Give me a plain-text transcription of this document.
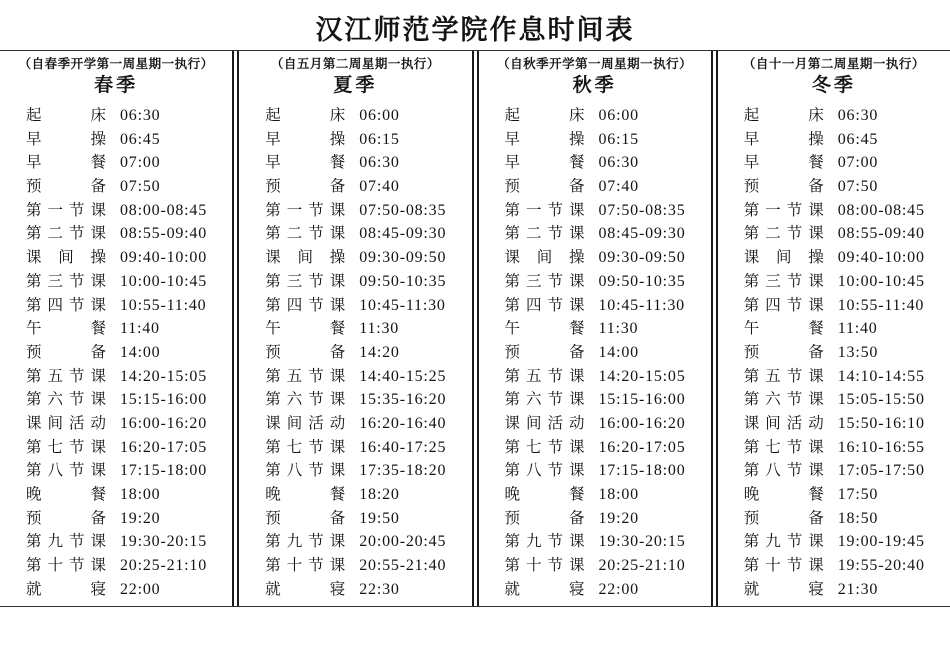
汉江师范学院作息时间表
（自春季开学第一周星期一执行）
春季
起床 06:30
早操 06:45
早餐 07:00
预备 07:50
第一节课 08:00-08:45
第二节课 08:55-09:40
课间操 09:40-10:00
第三节课 10:00-10:45
第四节课 10:55-11:40
午餐 11:40
预备 14:00
第五节课 14:20-15:05
第六节课 15:15-16:00
课间活动 16:00-16:20
第七节课 16:20-17:05
第八节课 17:15-18:00
晚餐 18:00
预备 19:20
第九节课 19:30-20:15
第十节课 20:25-21:10
就寝 22:00
（自五月第二周星期一执行）
夏季
起床 06:00
早操 06:15
早餐 06:30
预备 07:40
第一节课 07:50-08:35
第二节课 08:45-09:30
课间操 09:30-09:50
第三节课 09:50-10:35
第四节课 10:45-11:30
午餐 11:30
预备 14:20
第五节课 14:40-15:25
第六节课 15:35-16:20
课间活动 16:20-16:40
第七节课 16:40-17:25
第八节课 17:35-18:20
晚餐 18:20
预备 19:50
第九节课 20:00-20:45
第十节课 20:55-21:40
就寝 22:30
（自秋季开学第一周星期一执行）
秋季
起床 06:00
早操 06:15
早餐 06:30
预备 07:40
第一节课 07:50-08:35
第二节课 08:45-09:30
课间操 09:30-09:50
第三节课 09:50-10:35
第四节课 10:45-11:30
午餐 11:30
预备 14:00
第五节课 14:20-15:05
第六节课 15:15-16:00
课间活动 16:00-16:20
第七节课 16:20-17:05
第八节课 17:15-18:00
晚餐 18:00
预备 19:20
第九节课 19:30-20:15
第十节课 20:25-21:10
就寝 22:00
（自十一月第二周星期一执行）
冬季
起床 06:30
早操 06:45
早餐 07:00
预备 07:50
第一节课 08:00-08:45
第二节课 08:55-09:40
课间操 09:40-10:00
第三节课 10:00-10:45
第四节课 10:55-11:40
午餐 11:40
预备 13:50
第五节课 14:10-14:55
第六节课 15:05-15:50
课间活动 15:50-16:10
第七节课 16:10-16:55
第八节课 17:05-17:50
晚餐 17:50
预备 18:50
第九节课 19:00-19:45
第十节课 19:55-20:40
就寝 21:30
